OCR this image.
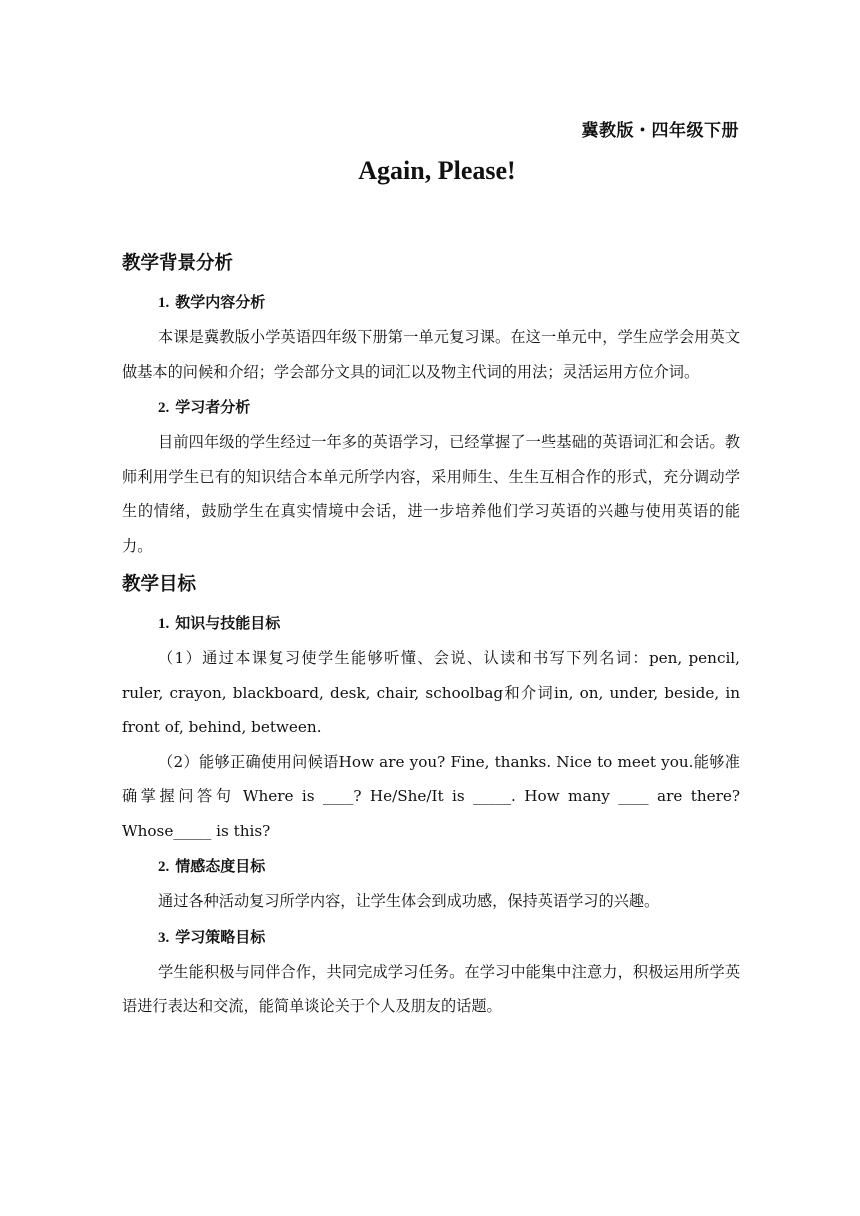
冀教版・四年级下册
Again, Please!
教学背景分析
1. 教学内容分析

本课是冀教版小学英语四年级下册第一单元复习课。在这一单元中，学生应学会用英文做基本的问候和介绍；学会部分文具的词汇以及物主代词的用法；灵活运用方位介词。

2. 学习者分析

目前四年级的学生经过一年多的英语学习，已经掌握了一些基础的英语词汇和会话。教师利用学生已有的知识结合本单元所学内容，采用师生、生生互相合作的形式，充分调动学生的情绪，鼓励学生在真实情境中会话，进一步培养他们学习英语的兴趣与使用英语的能力。

教学目标
1. 知识与技能目标

（1）通过本课复习使学生能够听懂、会说、认读和书写下列名词：pen, pencil, ruler, crayon, blackboard, desk, chair, schoolbag和介词in, on, under, beside, in front of, behind, between.

（2）能够正确使用问候语How are you? Fine, thanks. Nice to meet you.能够准确掌握问答句 Where is ____? He/She/It is _____. How many ____ are there? Whose_____ is this?

2. 情感态度目标

通过各种活动复习所学内容，让学生体会到成功感，保持英语学习的兴趣。

3. 学习策略目标

学生能积极与同伴合作，共同完成学习任务。在学习中能集中注意力，积极运用所学英语进行表达和交流，能简单谈论关于个人及朋友的话题。
